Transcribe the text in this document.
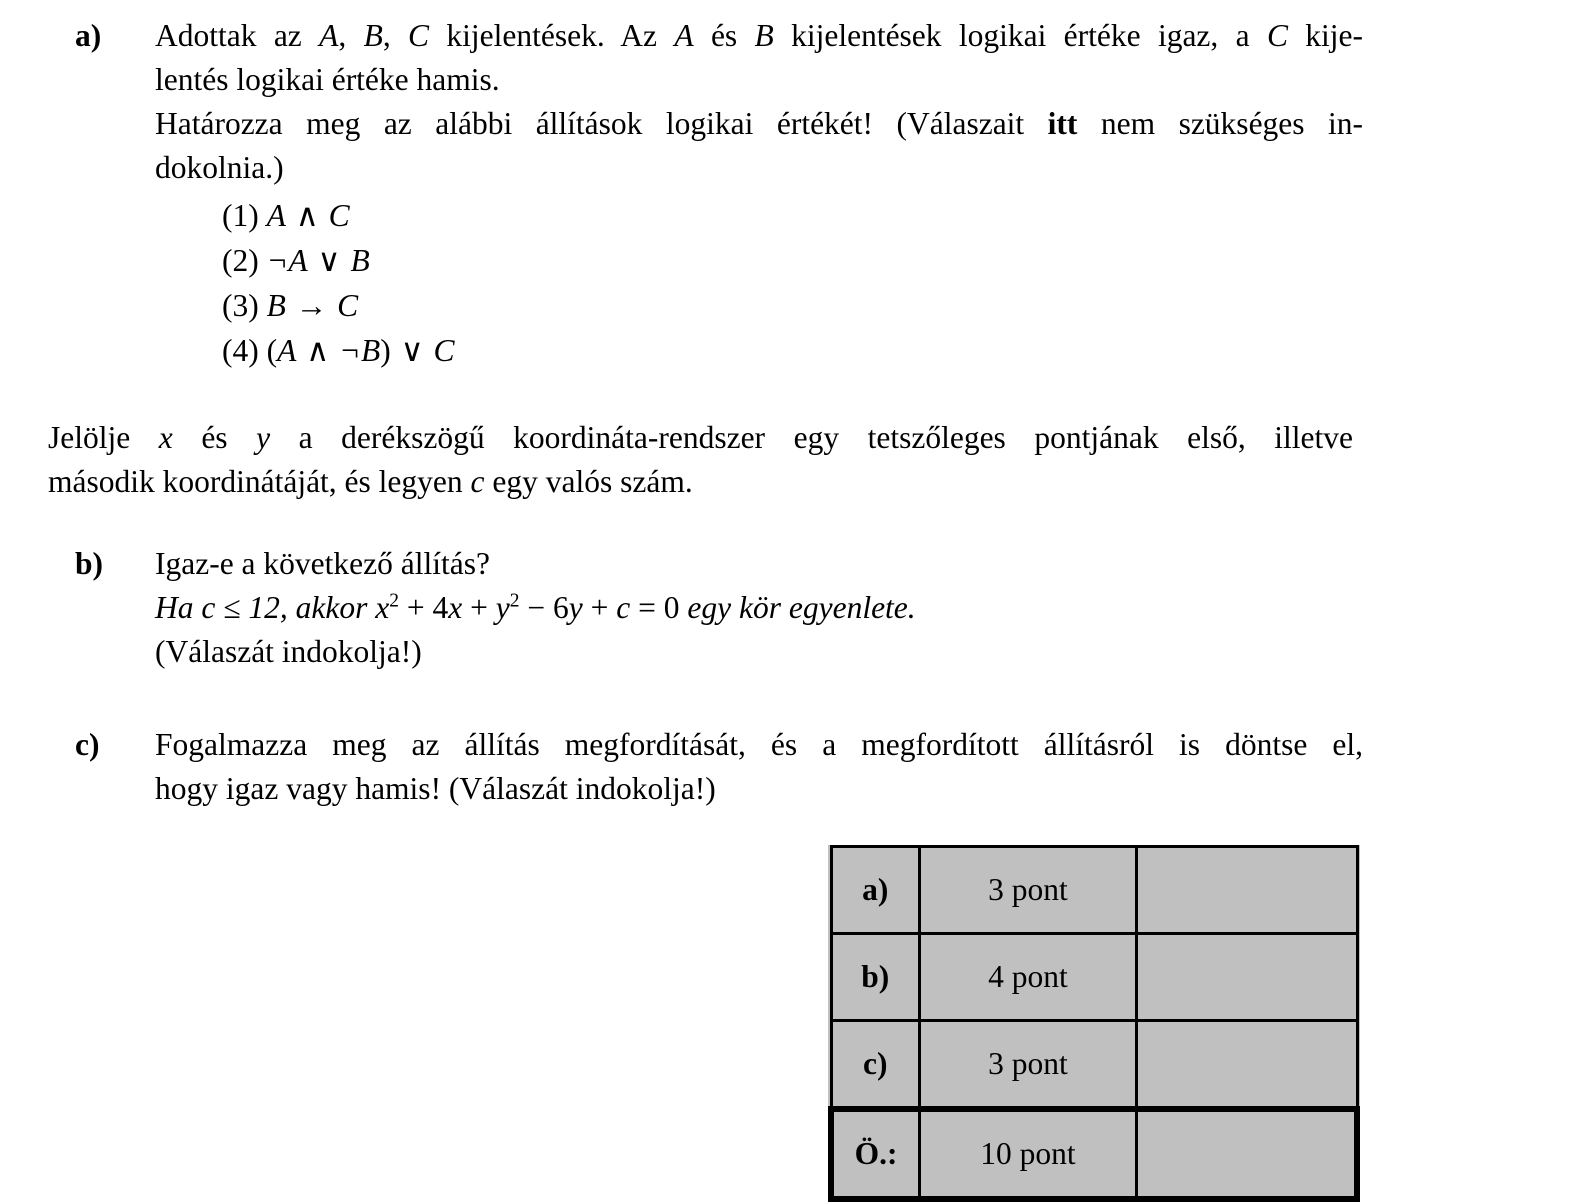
a)	Adottak az A, B, C kijelentések. Az A és B kijelentések logikai értéke igaz, a C kije-
lentés logikai értéke hamis.
Határozza meg az alábbi állítások logikai értékét! (Válaszait itt nem szükséges in-
dokolnia.)
(1) A ∧ C
(2) ¬A ∨ B
(3) B → C
(4) (A ∧ ¬B) ∨ C
Jelölje x és y a derékszögű koordináta-rendszer egy tetszőleges pontjának első, illetve
második koordinátáját, és legyen c egy valós szám.
b)	Igaz-e a következő állítás?
Ha c ≤ 12, akkor $x^2 + 4x + y^2 - 6y + c = 0$ egy kör egyenlete.
(Válaszát indokolja!)
c)	Fogalmazza meg az állítás megfordítását, és a megfordított állításról is döntse el,
hogy igaz vagy hamis! (Válaszát indokolja!)
a)	3 pont	
b)	4 pont	
c)	3 pont	
Ö.:	10 pont	
